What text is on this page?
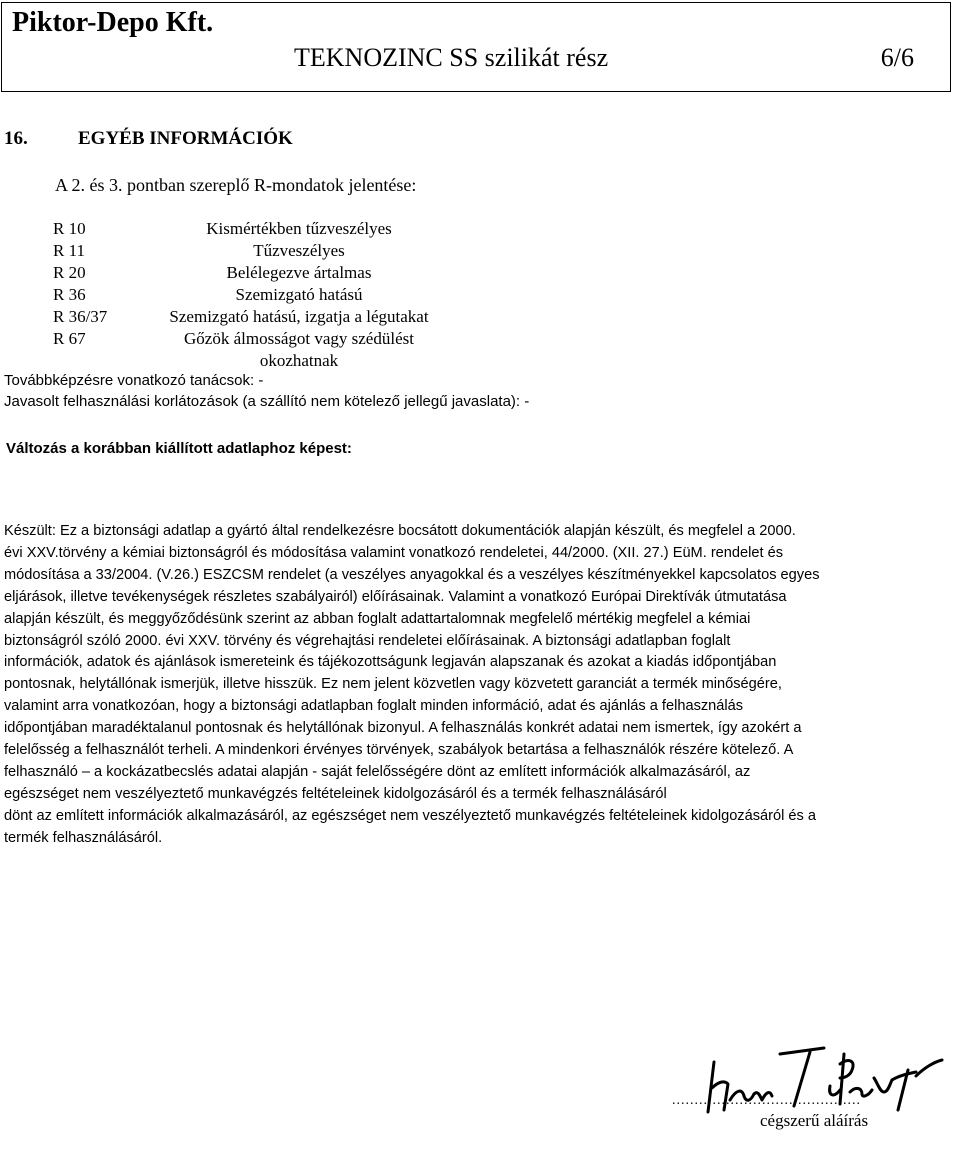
Piktor-Depo Kft.
TEKNOZINC SS szilikát rész	6/6
16.	EGYÉB INFORMÁCIÓK
A 2. és 3. pontban szereplő R-mondatok jelentése:
R 10	Kismértékben tűzveszélyes
R 11	Tűzveszélyes
R 20	Belélegezve ártalmas
R 36	Szemizgató hatású
R 36/37	Szemizgató hatású, izgatja a légutakat
R 67	Gőzök álmosságot vagy szédülést okozhatnak
Továbbképzésre vonatkozó tanácsok: -
Javasolt felhasználási korlátozások (a szállító nem kötelező jellegű javaslata): -
Változás a korábban kiállított adatlaphoz képest:
Készült: Ez a biztonsági adatlap a gyártó által rendelkezésre bocsátott dokumentációk alapján készült, és megfelel a 2000.
évi XXV.törvény a kémiai biztonságról és módosítása valamint vonatkozó rendeletei, 44/2000. (XII. 27.) EüM. rendelet és
módosítása a 33/2004. (V.26.) ESZCSM rendelet (a veszélyes anyagokkal és a veszélyes készítményekkel kapcsolatos egyes
eljárások, illetve tevékenységek részletes szabályairól) előírásainak. Valamint a vonatkozó Európai Direktívák útmutatása
alapján készült, és meggyőződésünk szerint az abban foglalt adattartalomnak megfelelő mértékig megfelel a kémiai
biztonságról szóló 2000. évi XXV. törvény és végrehajtási rendeletei előírásainak. A biztonsági adatlapban foglalt
információk, adatok és ajánlások ismereteink és tájékozottságunk legjaván alapszanak és azokat a kiadás időpontjában
pontosnak, helytállónak ismerjük, illetve hisszük. Ez nem jelent közvetlen vagy közvetett garanciát a termék minőségére,
valamint arra vonatkozóan, hogy a biztonsági adatlapban foglalt minden információ, adat és ajánlás a felhasználás
időpontjában maradéktalanul pontosnak és helytállónak bizonyul. A felhasználás konkrét adatai nem ismertek, így azokért a
felelősség a felhasználót terheli. A mindenkori érvényes törvények, szabályok betartása a felhasználók részére kötelező. A
felhasználó – a kockázatbecslés adatai alapján - saját felelősségére dönt az említett információk alkalmazásáról, az
egészséget nem veszélyeztető munkavégzés feltételeinek kidolgozásáról és a termék felhasználásáról
dönt az említett információk alkalmazásáról, az egészséget nem veszélyeztető munkavégzés feltételeinek kidolgozásáról és a
termék felhasználásáról.
..........................................
cégszerű aláírás
